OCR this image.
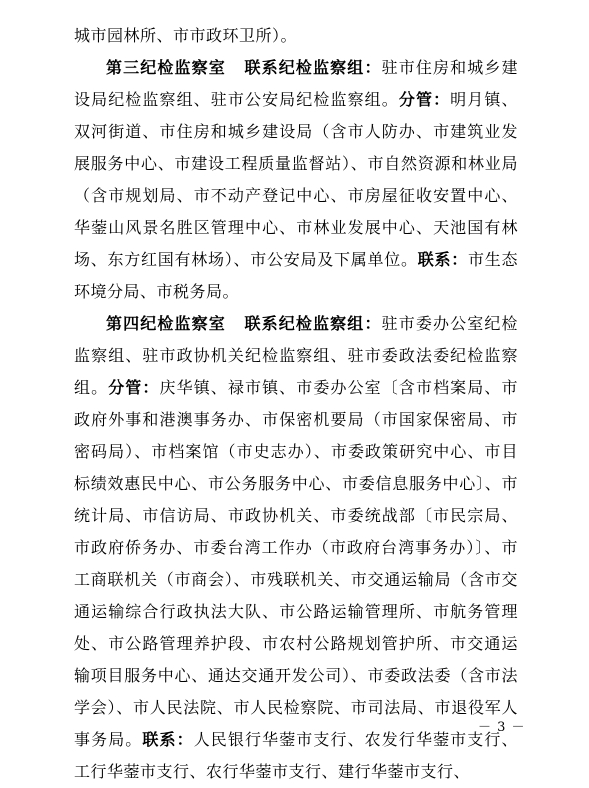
城市园林所、市市政环卫所）。

第三纪检监察室 联系纪检监察组：驻市住房和城乡建设局纪检监察组、驻市公安局纪检监察组。分管：明月镇、双河街道、市住房和城乡建设局（含市人防办、市建筑业发展服务中心、市建设工程质量监督站）、市自然资源和林业局（含市规划局、市不动产登记中心、市房屋征收安置中心、华蓥山风景名胜区管理中心、市林业发展中心、天池国有林场、东方红国有林场）、市公安局及下属单位。联系：市生态环境分局、市税务局。

第四纪检监察室 联系纪检监察组：驻市委办公室纪检监察组、驻市政协机关纪检监察组、驻市委政法委纪检监察组。分管：庆华镇、禄市镇、市委办公室〔含市档案局、市政府外事和港澳事务办、市保密机要局（市国家保密局、市密码局）、市档案馆（市史志办）、市委政策研究中心、市目标绩效惠民中心、市公务服务中心、市委信息服务中心〕、市统计局、市信访局、市政协机关、市委统战部〔市民宗局、市政府侨务办、市委台湾工作办（市政府台湾事务办）〕、市工商联机关（市商会）、市残联机关、市交通运输局（含市交通运输综合行政执法大队、市公路运输管理所、市航务管理处、市公路管理养护段、市农村公路规划管护所、市交通运输项目服务中心、通达交通开发公司）、市委政法委（含市法学会）、市人民法院、市人民检察院、市司法局、市退役军人事务局。联系：人民银行华蓥市支行、农发行华蓥市支行、工行华蓥市支行、农行华蓥市支行、建行华蓥市支行、

－ 3 －
